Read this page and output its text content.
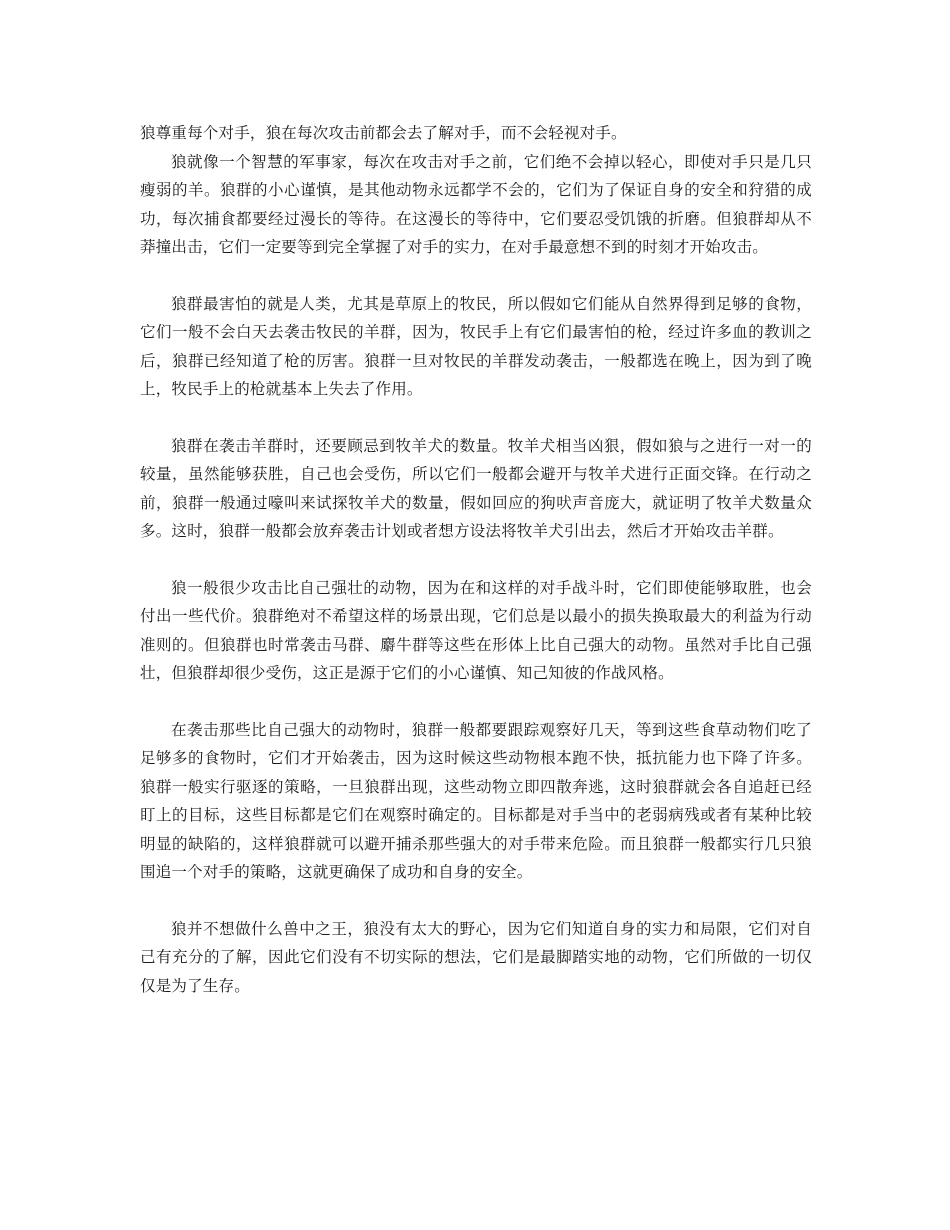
狼尊重每个对手，狼在每次攻击前都会去了解对手，而不会轻视对手。

狼就像一个智慧的军事家，每次在攻击对手之前，它们绝不会掉以轻心，即使对手只是几只瘦弱的羊。狼群的小心谨慎，是其他动物永远都学不会的，它们为了保证自身的安全和狩猎的成功，每次捕食都要经过漫长的等待。在这漫长的等待中，它们要忍受饥饿的折磨。但狼群却从不莽撞出击，它们一定要等到完全掌握了对手的实力，在对手最意想不到的时刻才开始攻击。

狼群最害怕的就是人类，尤其是草原上的牧民，所以假如它们能从自然界得到足够的食物，它们一般不会白天去袭击牧民的羊群，因为，牧民手上有它们最害怕的枪，经过许多血的教训之后，狼群已经知道了枪的厉害。狼群一旦对牧民的羊群发动袭击，一般都选在晚上，因为到了晚上，牧民手上的枪就基本上失去了作用。

狼群在袭击羊群时，还要顾忌到牧羊犬的数量。牧羊犬相当凶狠，假如狼与之进行一对一的较量，虽然能够获胜，自己也会受伤，所以它们一般都会避开与牧羊犬进行正面交锋。在行动之前，狼群一般通过嚎叫来试探牧羊犬的数量，假如回应的狗吠声音庞大，就证明了牧羊犬数量众多。这时，狼群一般都会放弃袭击计划或者想方设法将牧羊犬引出去，然后才开始攻击羊群。

狼一般很少攻击比自己强壮的动物，因为在和这样的对手战斗时，它们即使能够取胜，也会付出一些代价。狼群绝对不希望这样的场景出现，它们总是以最小的损失换取最大的利益为行动准则的。但狼群也时常袭击马群、麝牛群等这些在形体上比自己强大的动物。虽然对手比自己强壮，但狼群却很少受伤，这正是源于它们的小心谨慎、知己知彼的作战风格。

在袭击那些比自己强大的动物时，狼群一般都要跟踪观察好几天，等到这些食草动物们吃了足够多的食物时，它们才开始袭击，因为这时候这些动物根本跑不快，抵抗能力也下降了许多。狼群一般实行驱逐的策略，一旦狼群出现，这些动物立即四散奔逃，这时狼群就会各自追赶已经盯上的目标，这些目标都是它们在观察时确定的。目标都是对手当中的老弱病残或者有某种比较明显的缺陷的，这样狼群就可以避开捕杀那些强大的对手带来危险。而且狼群一般都实行几只狼围追一个对手的策略，这就更确保了成功和自身的安全。

狼并不想做什么兽中之王，狼没有太大的野心，因为它们知道自身的实力和局限，它们对自己有充分的了解，因此它们没有不切实际的想法，它们是最脚踏实地的动物，它们所做的一切仅仅是为了生存。
